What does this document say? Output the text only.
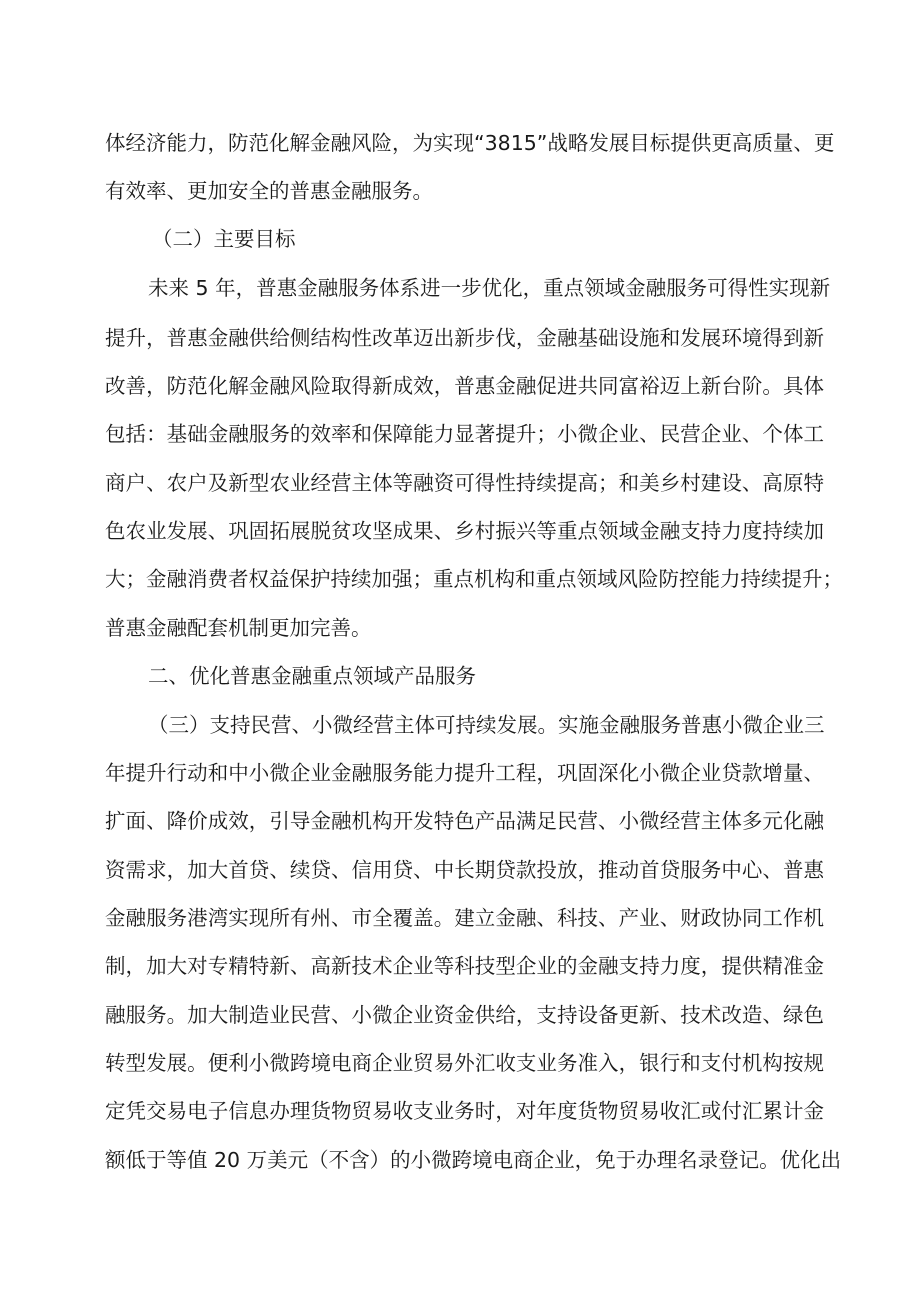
体经济能力，防范化解金融风险，为实现“3815”战略发展目标提供更高质量、更
有效率、更加安全的普惠金融服务。
（二）主要目标
未来 5 年，普惠金融服务体系进一步优化，重点领域金融服务可得性实现新
提升，普惠金融供给侧结构性改革迈出新步伐，金融基础设施和发展环境得到新
改善，防范化解金融风险取得新成效，普惠金融促进共同富裕迈上新台阶。具体
包括：基础金融服务的效率和保障能力显著提升；小微企业、民营企业、个体工
商户、农户及新型农业经营主体等融资可得性持续提高；和美乡村建设、高原特
色农业发展、巩固拓展脱贫攻坚成果、乡村振兴等重点领域金融支持力度持续加
大；金融消费者权益保护持续加强；重点机构和重点领域风险防控能力持续提升；
普惠金融配套机制更加完善。
二、优化普惠金融重点领域产品服务
（三）支持民营、小微经营主体可持续发展。实施金融服务普惠小微企业三
年提升行动和中小微企业金融服务能力提升工程，巩固深化小微企业贷款增量、
扩面、降价成效，引导金融机构开发特色产品满足民营、小微经营主体多元化融
资需求，加大首贷、续贷、信用贷、中长期贷款投放，推动首贷服务中心、普惠
金融服务港湾实现所有州、市全覆盖。建立金融、科技、产业、财政协同工作机
制，加大对专精特新、高新技术企业等科技型企业的金融支持力度，提供精准金
融服务。加大制造业民营、小微企业资金供给，支持设备更新、技术改造、绿色
转型发展。便利小微跨境电商企业贸易外汇收支业务准入，银行和支付机构按规
定凭交易电子信息办理货物贸易收支业务时，对年度货物贸易收汇或付汇累计金
额低于等值 20 万美元（不含）的小微跨境电商企业，免于办理名录登记。优化出
